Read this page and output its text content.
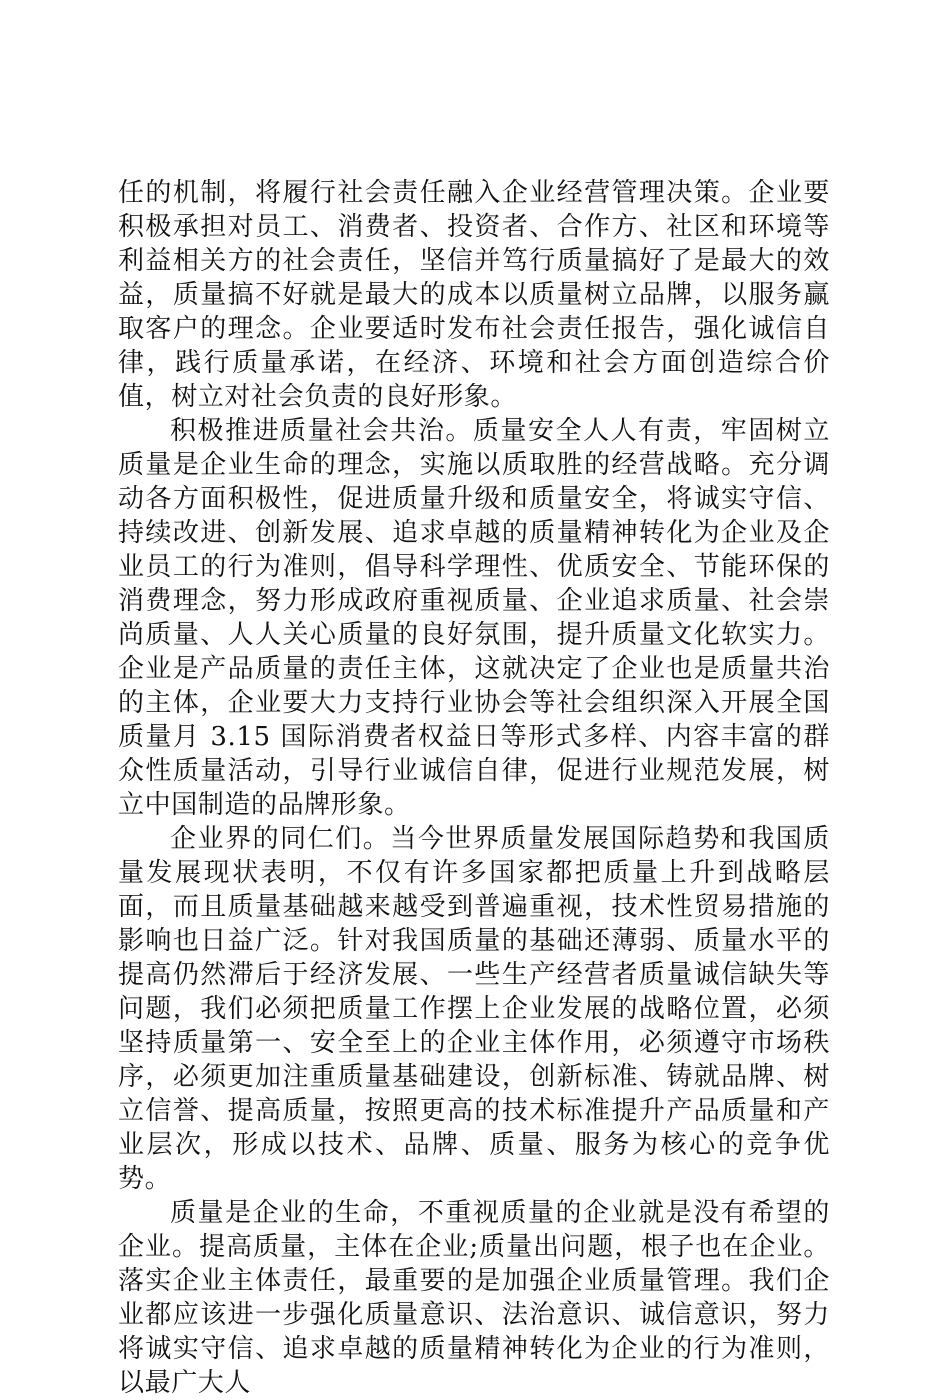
任的机制，将履行社会责任融入企业经营管理决策。企业要积极承担对员工、消费者、投资者、合作方、社区和环境等利益相关方的社会责任，坚信并笃行质量搞好了是最大的效益，质量搞不好就是最大的成本以质量树立品牌，以服务赢取客户的理念。企业要适时发布社会责任报告，强化诚信自律，践行质量承诺，在经济、环境和社会方面创造综合价值，树立对社会负责的良好形象。

积极推进质量社会共治。质量安全人人有责，牢固树立质量是企业生命的理念，实施以质取胜的经营战略。充分调动各方面积极性，促进质量升级和质量安全，将诚实守信、持续改进、创新发展、追求卓越的质量精神转化为企业及企业员工的行为准则，倡导科学理性、优质安全、节能环保的消费理念，努力形成政府重视质量、企业追求质量、社会崇尚质量、人人关心质量的良好氛围，提升质量文化软实力。企业是产品质量的责任主体，这就决定了企业也是质量共治的主体，企业要大力支持行业协会等社会组织深入开展全国质量月 3.15 国际消费者权益日等形式多样、内容丰富的群众性质量活动，引导行业诚信自律，促进行业规范发展，树立中国制造的品牌形象。

企业界的同仁们。当今世界质量发展国际趋势和我国质量发展现状表明，不仅有许多国家都把质量上升到战略层面，而且质量基础越来越受到普遍重视，技术性贸易措施的影响也日益广泛。针对我国质量的基础还薄弱、质量水平的提高仍然滞后于经济发展、一些生产经营者质量诚信缺失等问题，我们必须把质量工作摆上企业发展的战略位置，必须坚持质量第一、安全至上的企业主体作用，必须遵守市场秩序，必须更加注重质量基础建设，创新标准、铸就品牌、树立信誉、提高质量，按照更高的技术标准提升产品质量和产业层次，形成以技术、品牌、质量、服务为核心的竞争优势。

质量是企业的生命，不重视质量的企业就是没有希望的企业。提高质量，主体在企业;质量出问题，根子也在企业。落实企业主体责任，最重要的是加强企业质量管理。我们企业都应该进一步强化质量意识、法治意识、诚信意识，努力将诚实守信、追求卓越的质量精神转化为企业的行为准则，以最广大人
